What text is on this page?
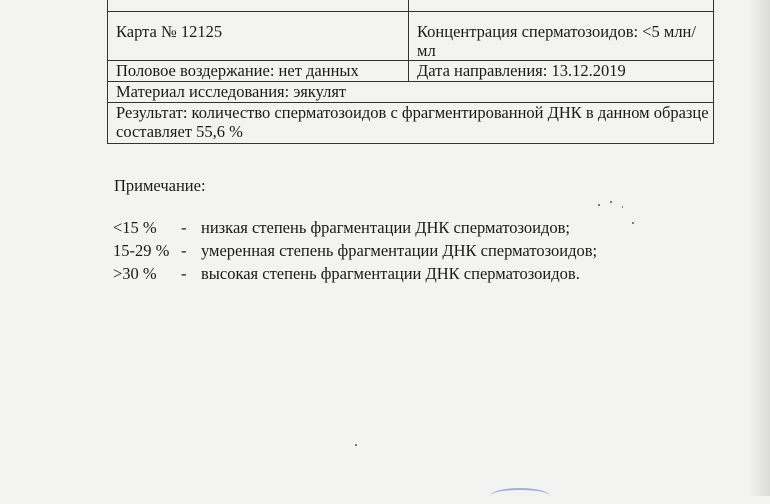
Карта № 12125	Концентрация сперматозоидов: <5 млн/мл
Половое воздержание: нет данных	Дата направления: 13.12.2019
Материал исследования: эякулят	
Результат: количество сперматозоидов с фрагментированной ДНК в данном образце составляет 55,6 %	
Примечание:
<15 %	- низкая степень фрагментации ДНК сперматозоидов;
15-29 % - умеренная степень фрагментации ДНК сперматозоидов;
>30 %	- высокая степень фрагментации ДНК сперматозоидов.
